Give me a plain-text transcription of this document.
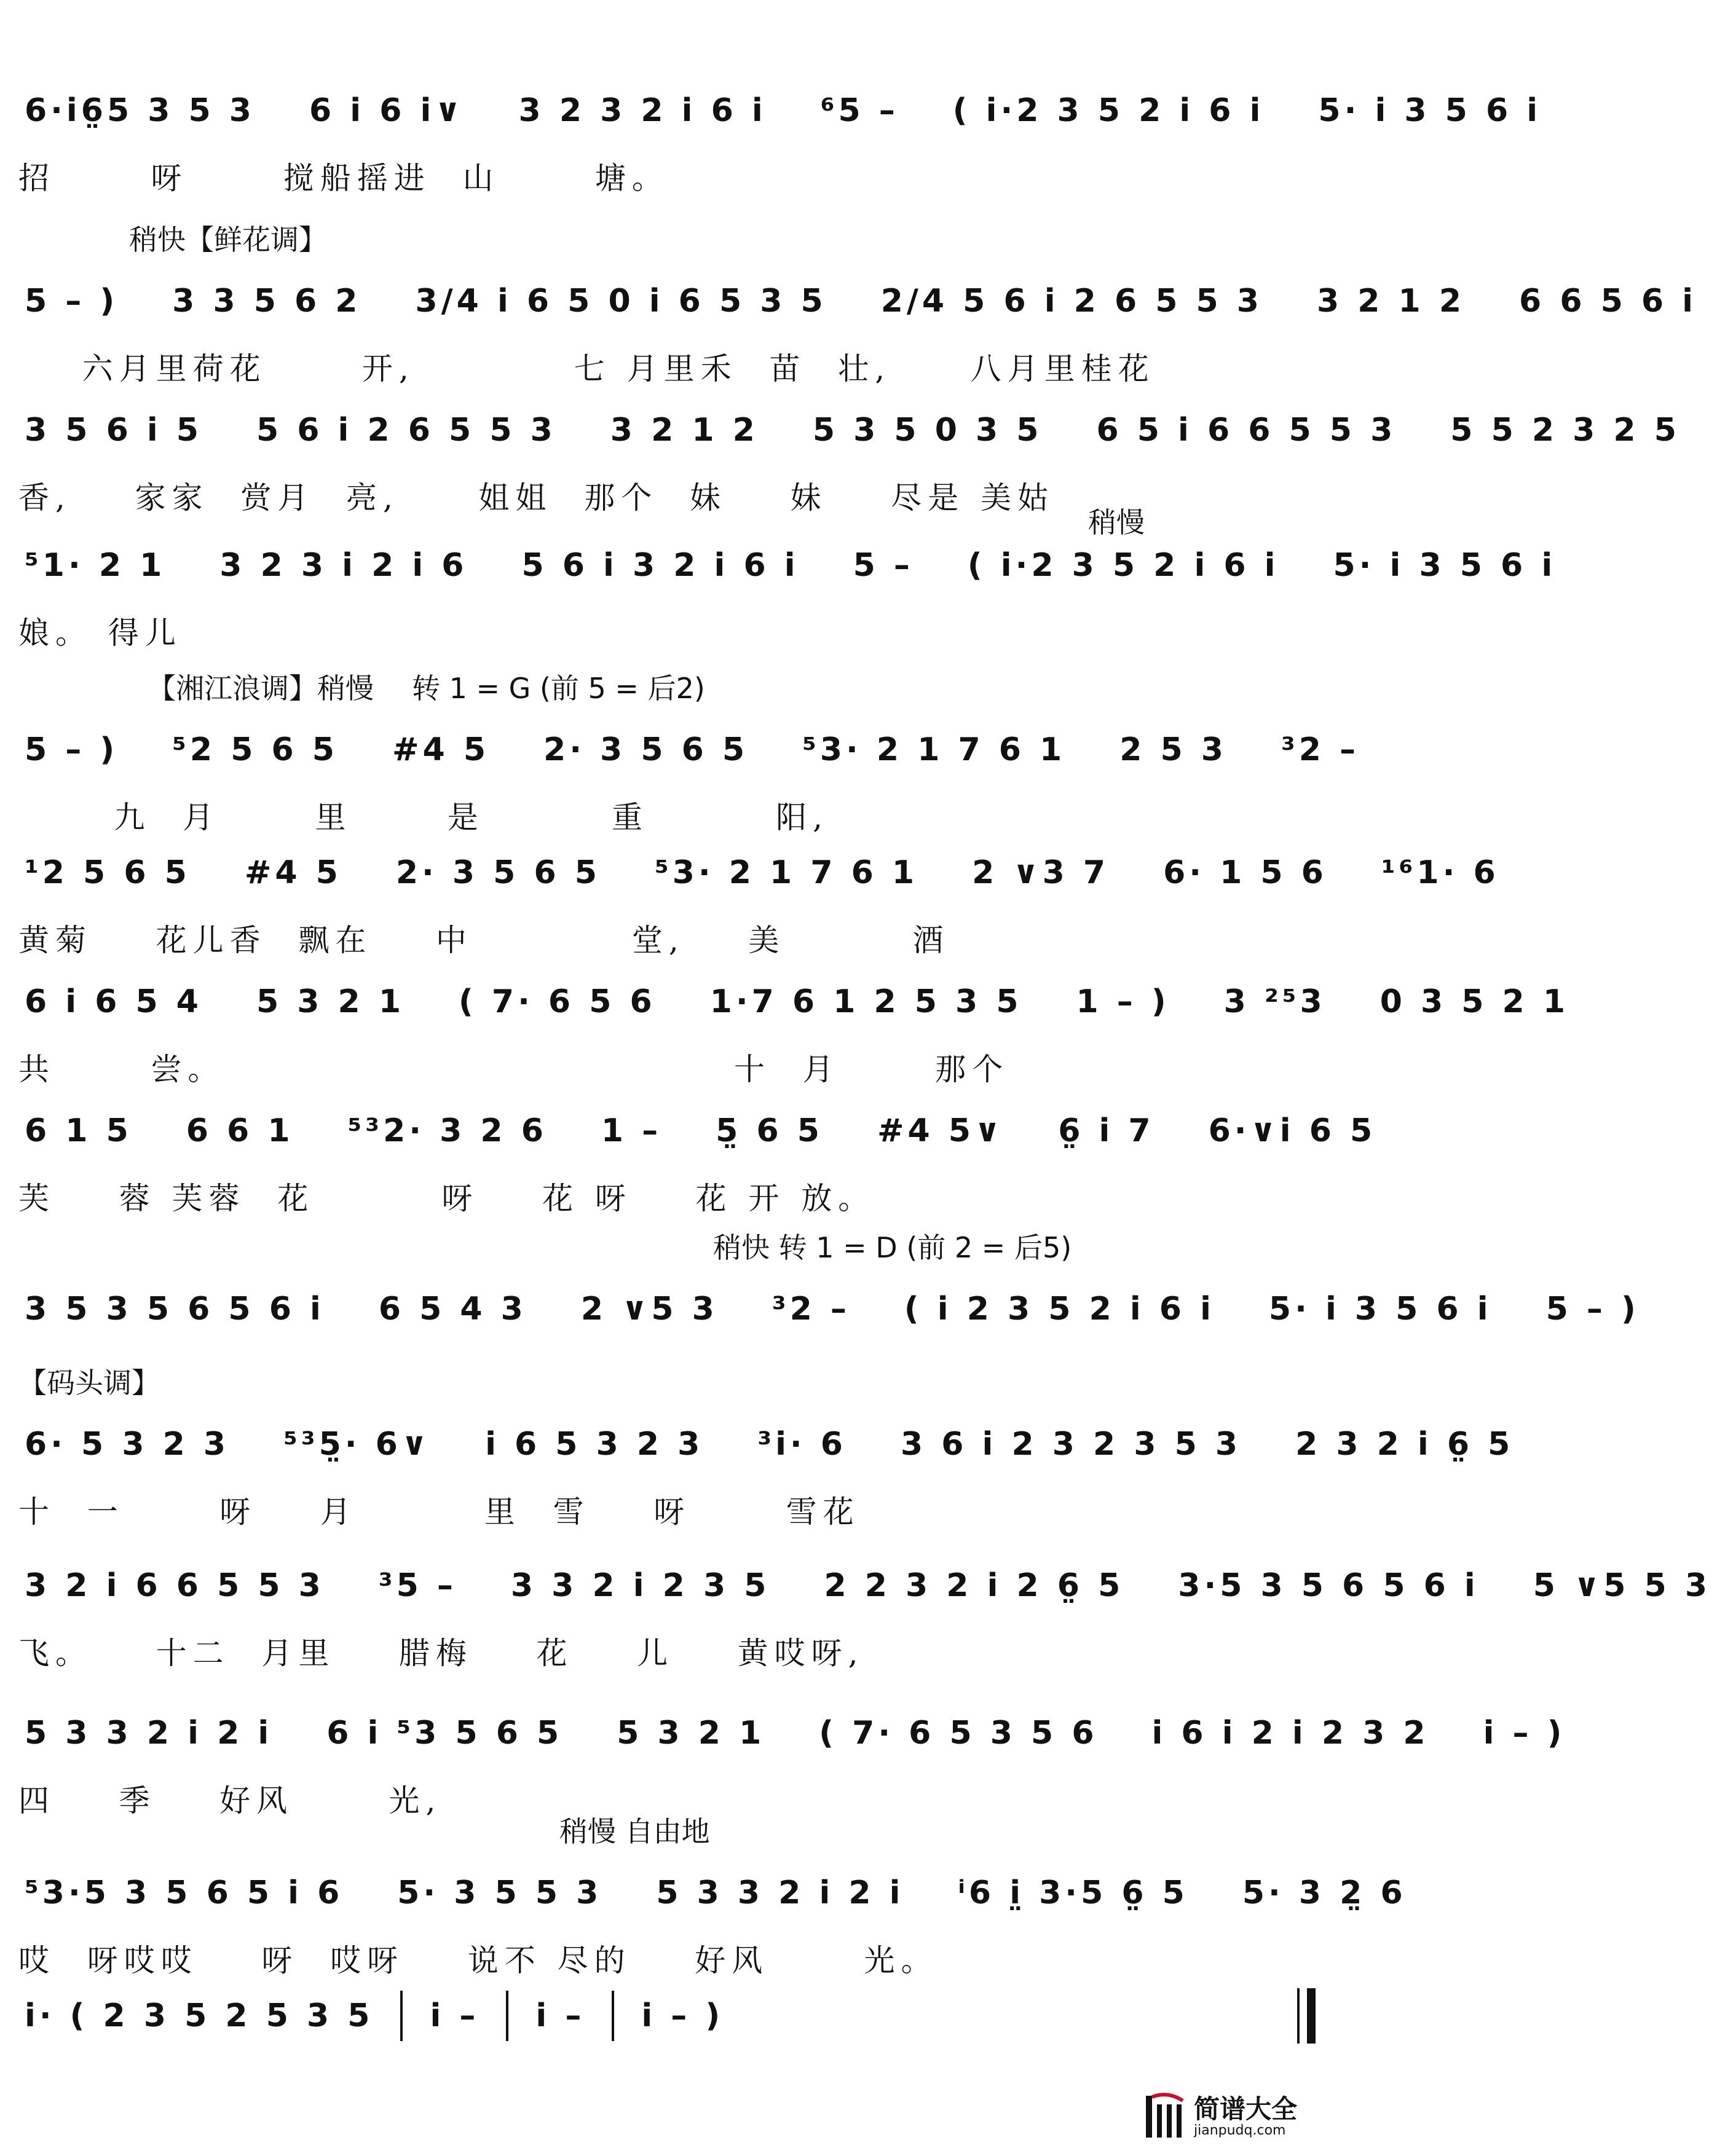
6·i6̤5 3 5 3 6 i 6 i∨ 3 2 3 2 i 6 i ⁶5 – ( i·2 3 5 2 i 6 i 5· i 3 5 6 i
招      呀      搅船摇进  山      塘。
稍快【鲜花调】
5 – ) 3 3 5 6 2 3/4 i 6 5 0 i 6 5 3 5 2/4 5 6 i 2 6 5 5 3 3 2 1 2 6 6 5 6 i
六月里荷花      开,          七 月里禾  苗  壮,     八月里桂花
3 5 6 i 5 5 6 i 2 6 5 5 3 3 2 1 2 5 3 5 0 3 5 6 5 i 6 6 5 5 3 5 5 2 3 2 5
香,    家家  赏月  亮,     姐姐  那个  妹    妹    尽是 美姑
稍慢
⁵1· 2 1 3 2 3 i 2 i 6 5 6 i 3 2 i 6 i 5 – ( i·2 3 5 2 i 6 i 5· i 3 5 6 i
娘。 得儿
【湘江浪调】稍慢 转 1 = G (前 5 = 后2)
5 – ) ⁵2 5 6 5 #4 5 2· 3 5 6 5 ⁵3· 2 1 7 6 1 2 5 3 ³2 –
九  月      里      是        重        阳,
¹2 5 6 5 #4 5 2· 3 5 6 5 ⁵3· 2 1 7 6 1 2 ∨3 7 6· 1 5 6 ¹⁶1· 6
黄菊    花儿香  飘在    中          堂,    美        酒
6 i 6 5 4 5 3 2 1 ( 7· 6 5 6 1·7 6 1 2 5 3 5 1 – ) 3 ²⁵3 0 3 5 2 1
共      尝。                                十  月      那个
6 1 5 6 6 1 ⁵³2· 3 2 6 1 – 5̤ 6 5 #4 5∨ 6̤ i 7 6·∨i 6 5
芙    蓉 芙蓉  花        呀    花 呀    花 开 放。
稍快 转 1 = D (前 2 = 后5)
3 5 3 5 6 5 6 i 6 5 4 3 2 ∨5 3 ³2 – ( i 2 3 5 2 i 6 i 5· i 3 5 6 i 5 – )
【码头调】
6· 5 3 2 3 ⁵³5̤· 6∨ i 6 5 3 2 3 ³i· 6 3 6 i 2 3 2 3 5 3 2 3 2 i 6̤ 5
十  一      呀    月        里  雪    呀      雪花
3 2 i 6 6 5 5 3 ³5 – 3 3 2 i 2 3 5 2 2 3 2 i 2 6̤ 5 3·5 3 5 6 5 6 i 5 ∨5 5 3
飞。    十二  月里    腊梅    花    儿    黄哎呀,
5 3 3 2 i 2 i 6 i ⁵3 5 6 5 5 3 2 1 ( 7· 6 5 3 5 6 i 6 i 2 i 2 3 2 i – )
四    季    好风      光,
稍慢 自由地
⁵3·5 3 5 6 5 i 6 5· 3 5 5 3 5 3 3 2 i 2 i ⁱ6 i̤ 3·5 6̤ 5 5· 3 2̤ 6
哎  呀哎哎    呀  哎呀    说不 尽的    好风      光。
i· ( 2 3 5 2 5 3 5 i – i – i – )
简谱大全
jianpudq.com
